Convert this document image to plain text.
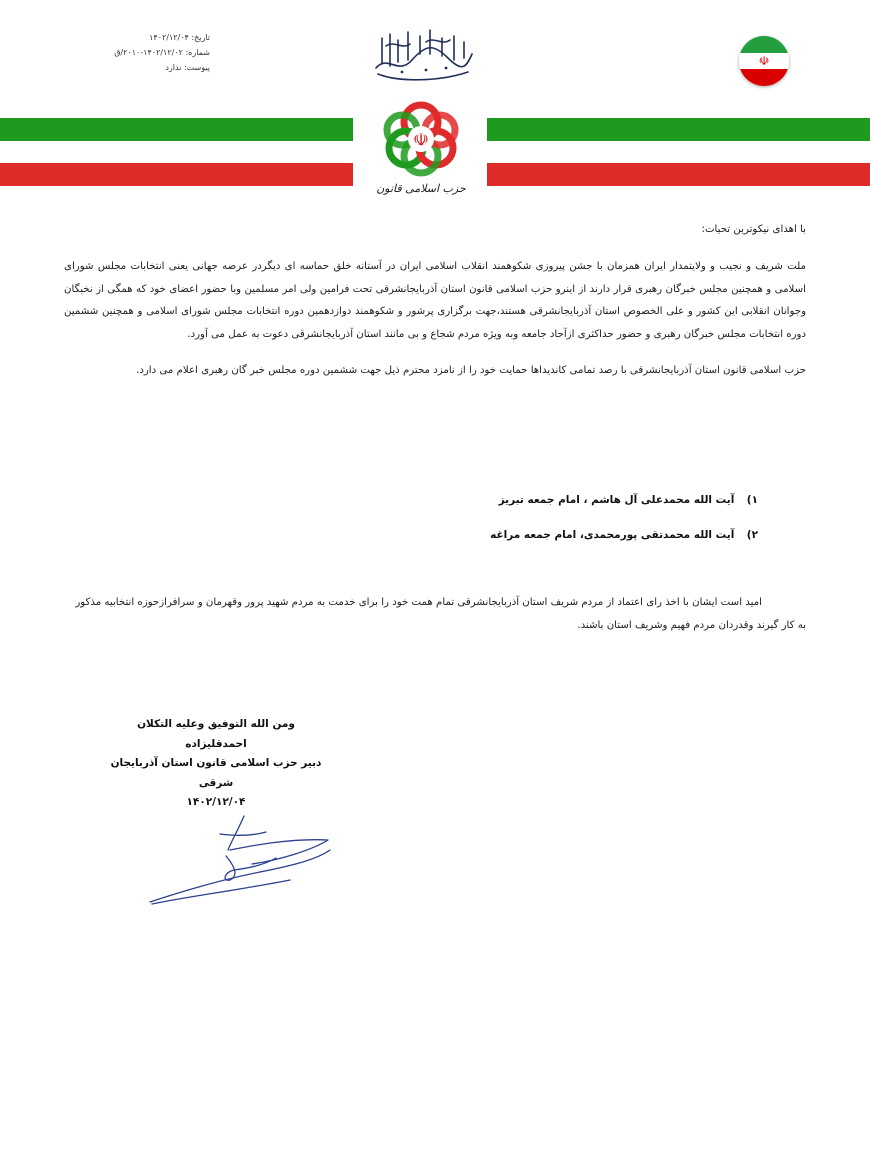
تاریخ: ۱۴۰۲/۱۲/۰۴
شماره: ۱۴۰۲/۱۲/۰۲-۲۰۱۰/ق
پیوست: ندارد	☫
☫
حزب اسلامی قانون

با اهدای نیکوترین تحیات:

ملت شریف و نجیب و ولایتمدار ایران همزمان با جشن پیروزی شکوهمند انقلاب اسلامی ایران در آستانه خلق حماسه ای دیگردر عرصه جهانی یعنی انتخابات مجلس شورای اسلامی و همچنین مجلس خبرگان رهبری قرار دارند از اینرو حزب اسلامی قانون استان آذربایجانشرقی تحت فرامین ولی امر مسلمین وبا حضور اعضای خود که همگی از نخبگان وجوانان انقلابی این کشور و علی الخصوص استان آذربایجانشرقی هستند،جهت برگزاری پرشور و شکوهمند دوازدهمین دوره انتخابات مجلس شورای اسلامی و همچنین ششمین دوره انتخابات مجلس خبرگان رهبری و حضور حداکثری ازآحاد جامعه وبه ویژه مردم شجاع و بی مانند استان آذربایجانشرقی دعوت به عمل می آورد.

حزب اسلامی قانون استان آذربایجانشرقی با رصد تمامی کاندیداها حمایت خود را از نامزد محترم ذیل جهت ششمین دوره مجلس خبر گان رهبری اعلام می دارد.

۱) آیت الله محمدعلی آل هاشم ، امام جمعه تبریز
۲) آیت الله محمدتقی پورمحمدی، امام جمعه مراغه

امید است ایشان با اخذ رای اعتماد از مردم شریف استان آذربایجانشرقی تمام همت خود را برای خدمت به مردم شهید پرور وقهرمان و سرافرازحوزه انتخابیه مذکور به کار گیرند وقدردان مردم فهیم وشریف استان باشند.

ومن الله التوفیق وعلیه التکلان
احمدقلیزاده
دبیر حزب اسلامی قانون استان آذربایجان شرقی
۱۴۰۲/۱۲/۰۴
